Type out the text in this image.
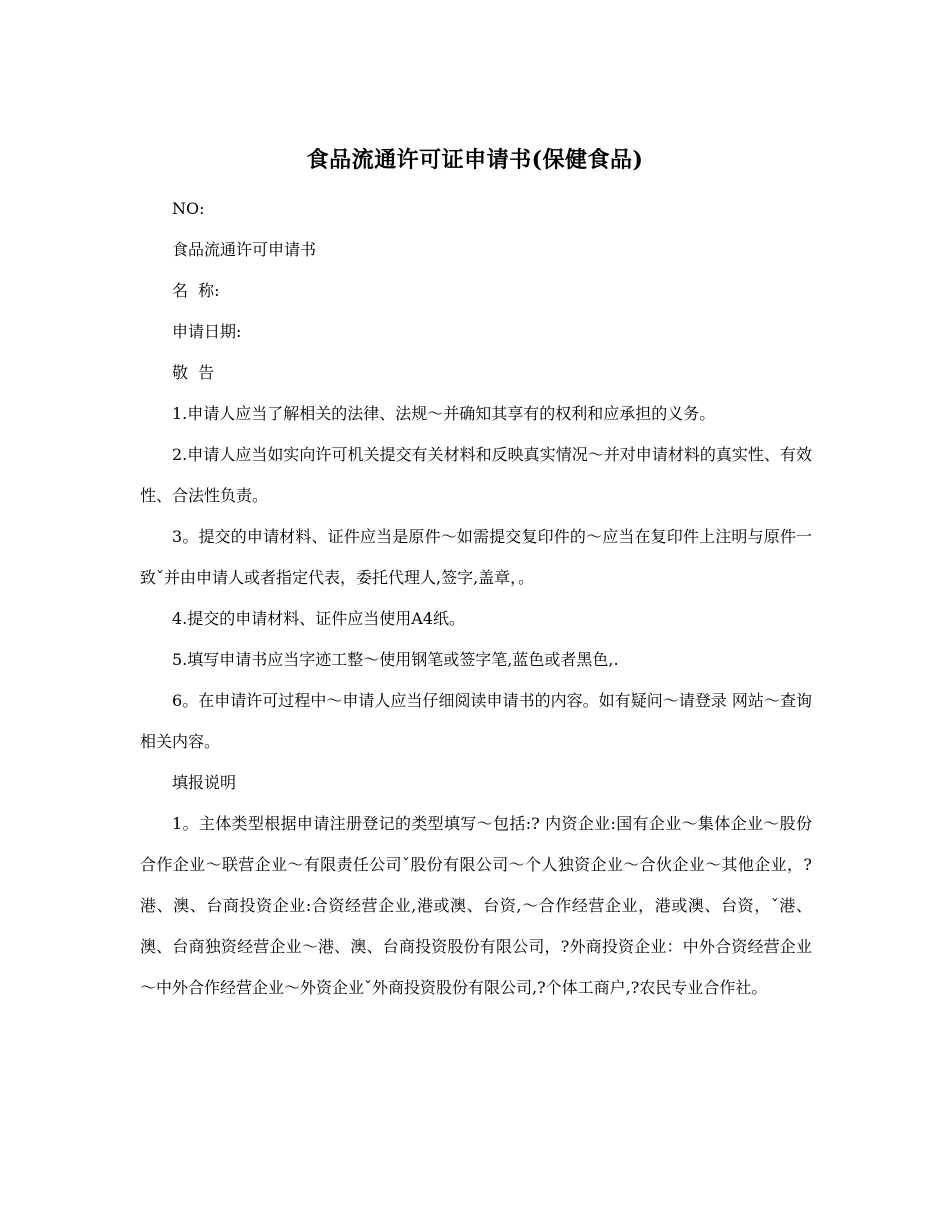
食品流通许可证申请书(保健食品)

NO:

食品流通许可申请书

名  称:

申请日期:

敬  告

1.申请人应当了解相关的法律、法规～并确知其享有的权利和应承担的义务。

2.申请人应当如实向许可机关提交有关材料和反映真实情况～并对申请材料的真实性、有效性、合法性负责。

3。提交的申请材料、证件应当是原件～如需提交复印件的～应当在复印件上注明与原件一致ˇ并由申请人或者指定代表，委托代理人,签字,盖章，。

4.提交的申请材料、证件应当使用A4纸。

5.填写申请书应当字迹工整～使用钢笔或签字笔,蓝色或者黑色,.

6。在申请许可过程中～申请人应当仔细阅读申请书的内容。如有疑问～请登录 网站～查询相关内容。

填报说明

1。主体类型根据申请注册登记的类型填写～包括:? 内资企业:国有企业～集体企业～股份合作企业～联营企业～有限责任公司ˇ股份有限公司～个人独资企业～合伙企业～其他企业，?港、澳、台商投资企业:合资经营企业,港或澳、台资,～合作经营企业，港或澳、台资，ˇ港、澳、台商独资经营企业～港、澳、台商投资股份有限公司，?外商投资企业：中外合资经营企业～中外合作经营企业～外资企业ˇ外商投资股份有限公司,?个体工商户,?农民专业合作社。
